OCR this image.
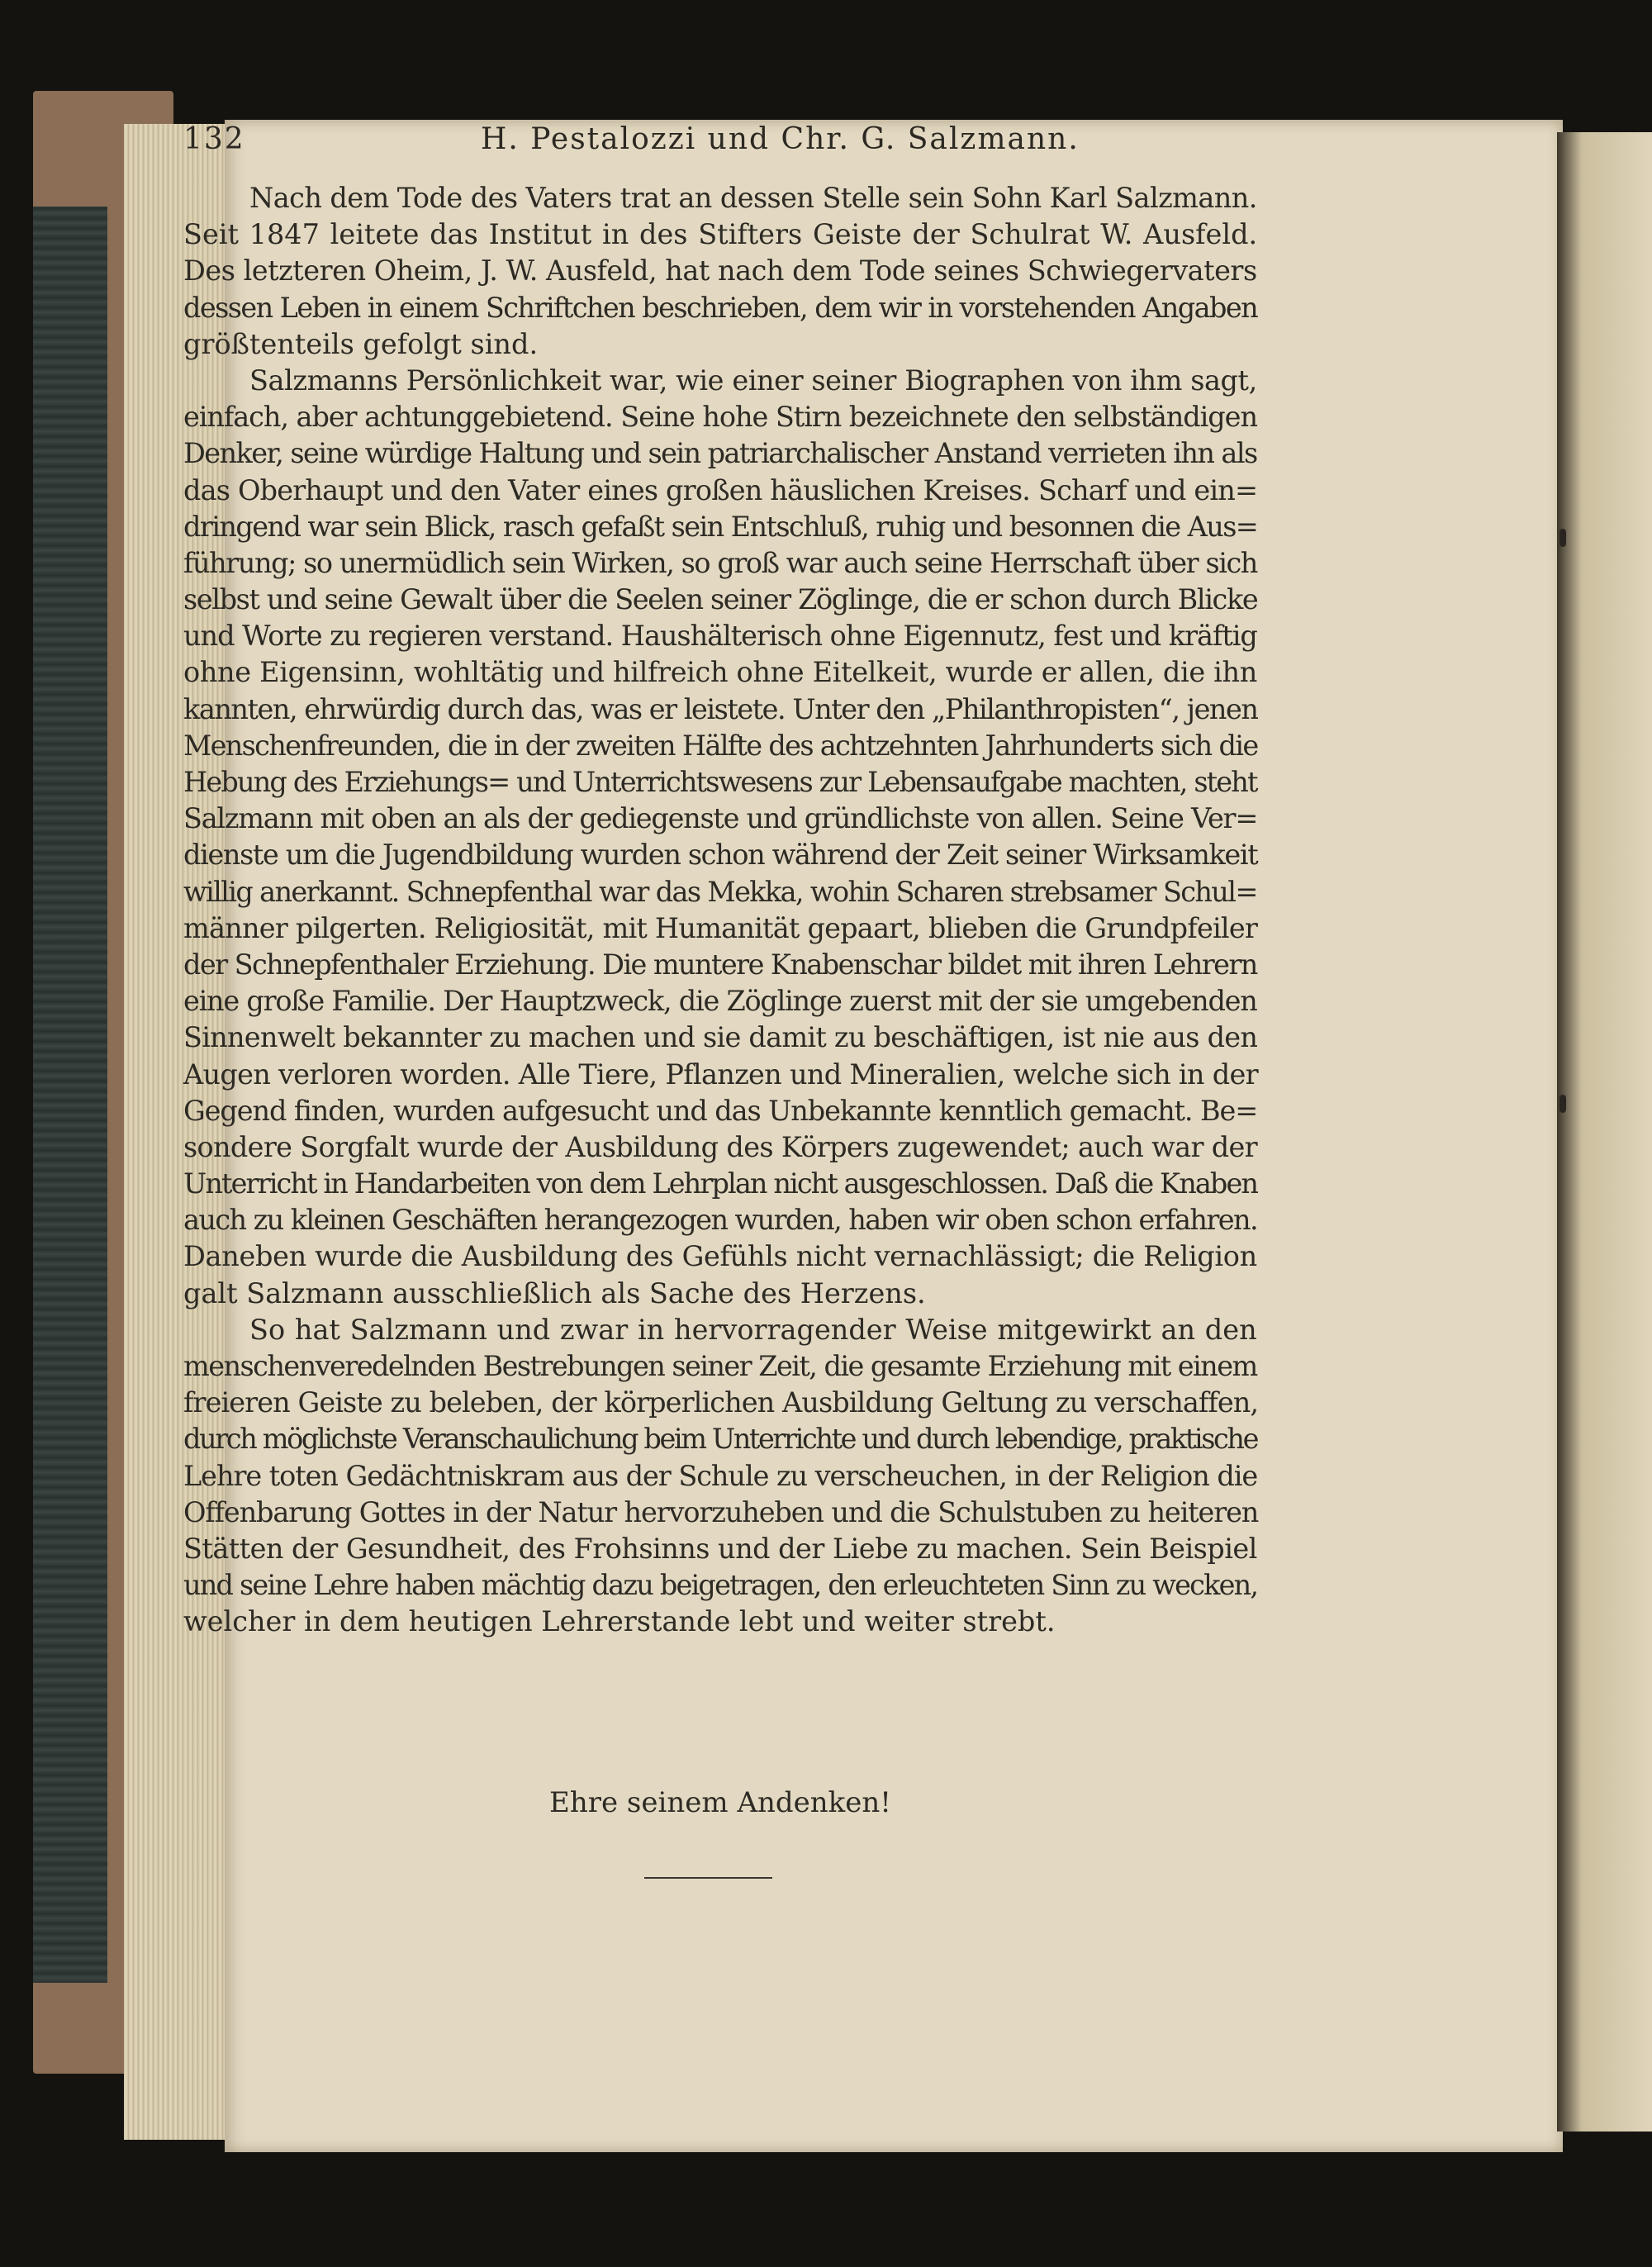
132	H. Pestalozzi und Chr. G. Salzmann.
Nach dem Tode des Vaters trat an dessen Stelle sein Sohn Karl Salzmann.
Seit 1847 leitete das Institut in des Stifters Geiste der Schulrat W. Ausfeld.
Des letzteren Oheim, J. W. Ausfeld, hat nach dem Tode seines Schwiegervaters
dessen Leben in einem Schriftchen beschrieben, dem wir in vorstehenden Angaben
größtenteils gefolgt sind.
Salzmanns Persönlichkeit war, wie einer seiner Biographen von ihm sagt,
einfach, aber achtunggebietend. Seine hohe Stirn bezeichnete den selbständigen
Denker, seine würdige Haltung und sein patriarchalischer Anstand verrieten ihn als
das Oberhaupt und den Vater eines großen häuslichen Kreises. Scharf und ein=
dringend war sein Blick, rasch gefaßt sein Entschluß, ruhig und besonnen die Aus=
führung; so unermüdlich sein Wirken, so groß war auch seine Herrschaft über sich
selbst und seine Gewalt über die Seelen seiner Zöglinge, die er schon durch Blicke
und Worte zu regieren verstand. Haushälterisch ohne Eigennutz, fest und kräftig
ohne Eigensinn, wohltätig und hilfreich ohne Eitelkeit, wurde er allen, die ihn
kannten, ehrwürdig durch das, was er leistete. Unter den „Philanthropisten“, jenen
Menschenfreunden, die in der zweiten Hälfte des achtzehnten Jahrhunderts sich die
Hebung des Erziehungs= und Unterrichtswesens zur Lebensaufgabe machten, steht
Salzmann mit oben an als der gediegenste und gründlichste von allen. Seine Ver=
dienste um die Jugendbildung wurden schon während der Zeit seiner Wirksamkeit
willig anerkannt. Schnepfenthal war das Mekka, wohin Scharen strebsamer Schul=
männer pilgerten. Religiosität, mit Humanität gepaart, blieben die Grundpfeiler
der Schnepfenthaler Erziehung. Die muntere Knabenschar bildet mit ihren Lehrern
eine große Familie. Der Hauptzweck, die Zöglinge zuerst mit der sie umgebenden
Sinnenwelt bekannter zu machen und sie damit zu beschäftigen, ist nie aus den
Augen verloren worden. Alle Tiere, Pflanzen und Mineralien, welche sich in der
Gegend finden, wurden aufgesucht und das Unbekannte kenntlich gemacht. Be=
sondere Sorgfalt wurde der Ausbildung des Körpers zugewendet; auch war der
Unterricht in Handarbeiten von dem Lehrplan nicht ausgeschlossen. Daß die Knaben
auch zu kleinen Geschäften herangezogen wurden, haben wir oben schon erfahren.
Daneben wurde die Ausbildung des Gefühls nicht vernachlässigt; die Religion
galt Salzmann ausschließlich als Sache des Herzens.
So hat Salzmann und zwar in hervorragender Weise mitgewirkt an den
menschenveredelnden Bestrebungen seiner Zeit, die gesamte Erziehung mit einem
freieren Geiste zu beleben, der körperlichen Ausbildung Geltung zu verschaffen,
durch möglichste Veranschaulichung beim Unterrichte und durch lebendige, praktische
Lehre toten Gedächtniskram aus der Schule zu verscheuchen, in der Religion die
Offenbarung Gottes in der Natur hervorzuheben und die Schulstuben zu heiteren
Stätten der Gesundheit, des Frohsinns und der Liebe zu machen. Sein Beispiel
und seine Lehre haben mächtig dazu beigetragen, den erleuchteten Sinn zu wecken,
welcher in dem heutigen Lehrerstande lebt und weiter strebt.
Ehre seinem Andenken!
